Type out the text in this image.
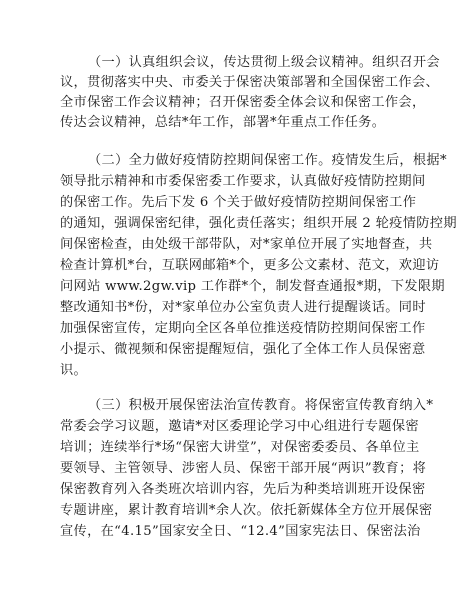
（一）认真组织会议，传达贯彻上级会议精神。组织召开会
议，贯彻落实中央、市委关于保密决策部署和全国保密工作会、
全市保密工作会议精神；召开保密委全体会议和保密工作会，
传达会议精神，总结*年工作，部署*年重点工作任务。
（二）全力做好疫情防控期间保密工作。疫情发生后，根据*
领导批示精神和市委保密委工作要求，认真做好疫情防控期间
的保密工作。先后下发 6 个关于做好疫情防控期间保密工作
的通知，强调保密纪律，强化责任落实；组织开展 2 轮疫情防控期
间保密检查，由处级干部带队，对*家单位开展了实地督查，共
检查计算机*台，互联网邮箱*个，更多公文素材、范文，欢迎访
问网站 www.2gw.vip 工作群*个，制发督查通报*期，下发限期
整改通知书*份，对*家单位办公室负责人进行提醒谈话。同时
加强保密宣传，定期向全区各单位推送疫情防控期间保密工作
小提示、微视频和保密提醒短信，强化了全体工作人员保密意
识。
（三）积极开展保密法治宣传教育。将保密宣传教育纳入*
常委会学习议题，邀请*对区委理论学习中心组进行专题保密
培训；连续举行*场“保密大讲堂”，对保密委委员、各单位主
要领导、主管领导、涉密人员、保密干部开展“两识”教育；将
保密教育列入各类班次培训内容，先后为种类培训班开设保密
专题讲座，累计教育培训*余人次。依托新媒体全方位开展保密
宣传，在“4.15”国家安全日、“12.4”国家宪法日、保密法治
